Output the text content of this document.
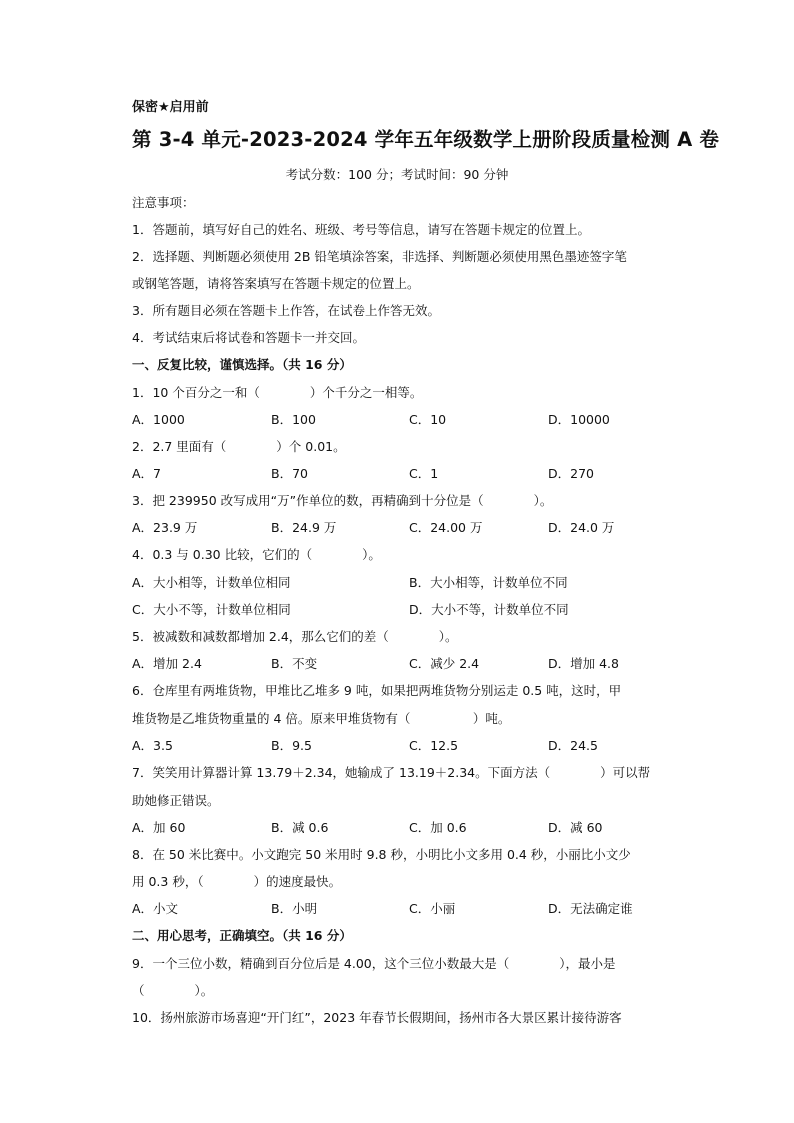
保密★启用前
第 3-4 单元-2023-2024 学年五年级数学上册阶段质量检测 A 卷
考试分数：100 分；考试时间：90 分钟
注意事项：
1．答题前，填写好自己的姓名、班级、考号等信息，请写在答题卡规定的位置上。
2．选择题、判断题必须使用 2B 铅笔填涂答案，非选择、判断题必须使用黑色墨迹签字笔
或钢笔答题，请将答案填写在答题卡规定的位置上。
3．所有题目必须在答题卡上作答，在试卷上作答无效。
4．考试结束后将试卷和答题卡一并交回。
一、反复比较，谨慎选择。（共 16 分）
1．10 个百分之一和（　　　　）个千分之一相等。
A．1000	B．100	C．10	D．10000
2．2.7 里面有（　　　　）个 0.01。
A．7	B．70	C．1	D．270
3．把 239950 改写成用“万”作单位的数，再精确到十分位是（　　　　）。
A．23.9 万	B．24.9 万	C．24.00 万	D．24.0 万
4．0.3 与 0.30 比较，它们的（　　　　）。
A．大小相等，计数单位相同	B．大小相等，计数单位不同
C．大小不等，计数单位相同	D．大小不等，计数单位不同
5．被减数和减数都增加 2.4，那么它们的差（　　　　）。
A．增加 2.4	B．不变	C．减少 2.4	D．增加 4.8
6．仓库里有两堆货物，甲堆比乙堆多 9 吨，如果把两堆货物分别运走 0.5 吨，这时，甲
堆货物是乙堆货物重量的 4 倍。原来甲堆货物有（　　　　　）吨。
A．3.5	B．9.5	C．12.5	D．24.5
7．笑笑用计算器计算 13.79＋2.34，她输成了 13.19＋2.34。下面方法（　　　　）可以帮
助她修正错误。
A．加 60	B．减 0.6	C．加 0.6	D．减 60
8．在 50 米比赛中。小文跑完 50 米用时 9.8 秒，小明比小文多用 0.4 秒，小丽比小文少
用 0.3 秒，（　　　　）的速度最快。
A．小文	B．小明	C．小丽	D．无法确定谁
二、用心思考，正确填空。（共 16 分）
9．一个三位小数，精确到百分位后是 4.00，这个三位小数最大是（　　　　），最小是
（　　　　）。
10．扬州旅游市场喜迎“开门红”，2023 年春节长假期间，扬州市各大景区累计接待游客
